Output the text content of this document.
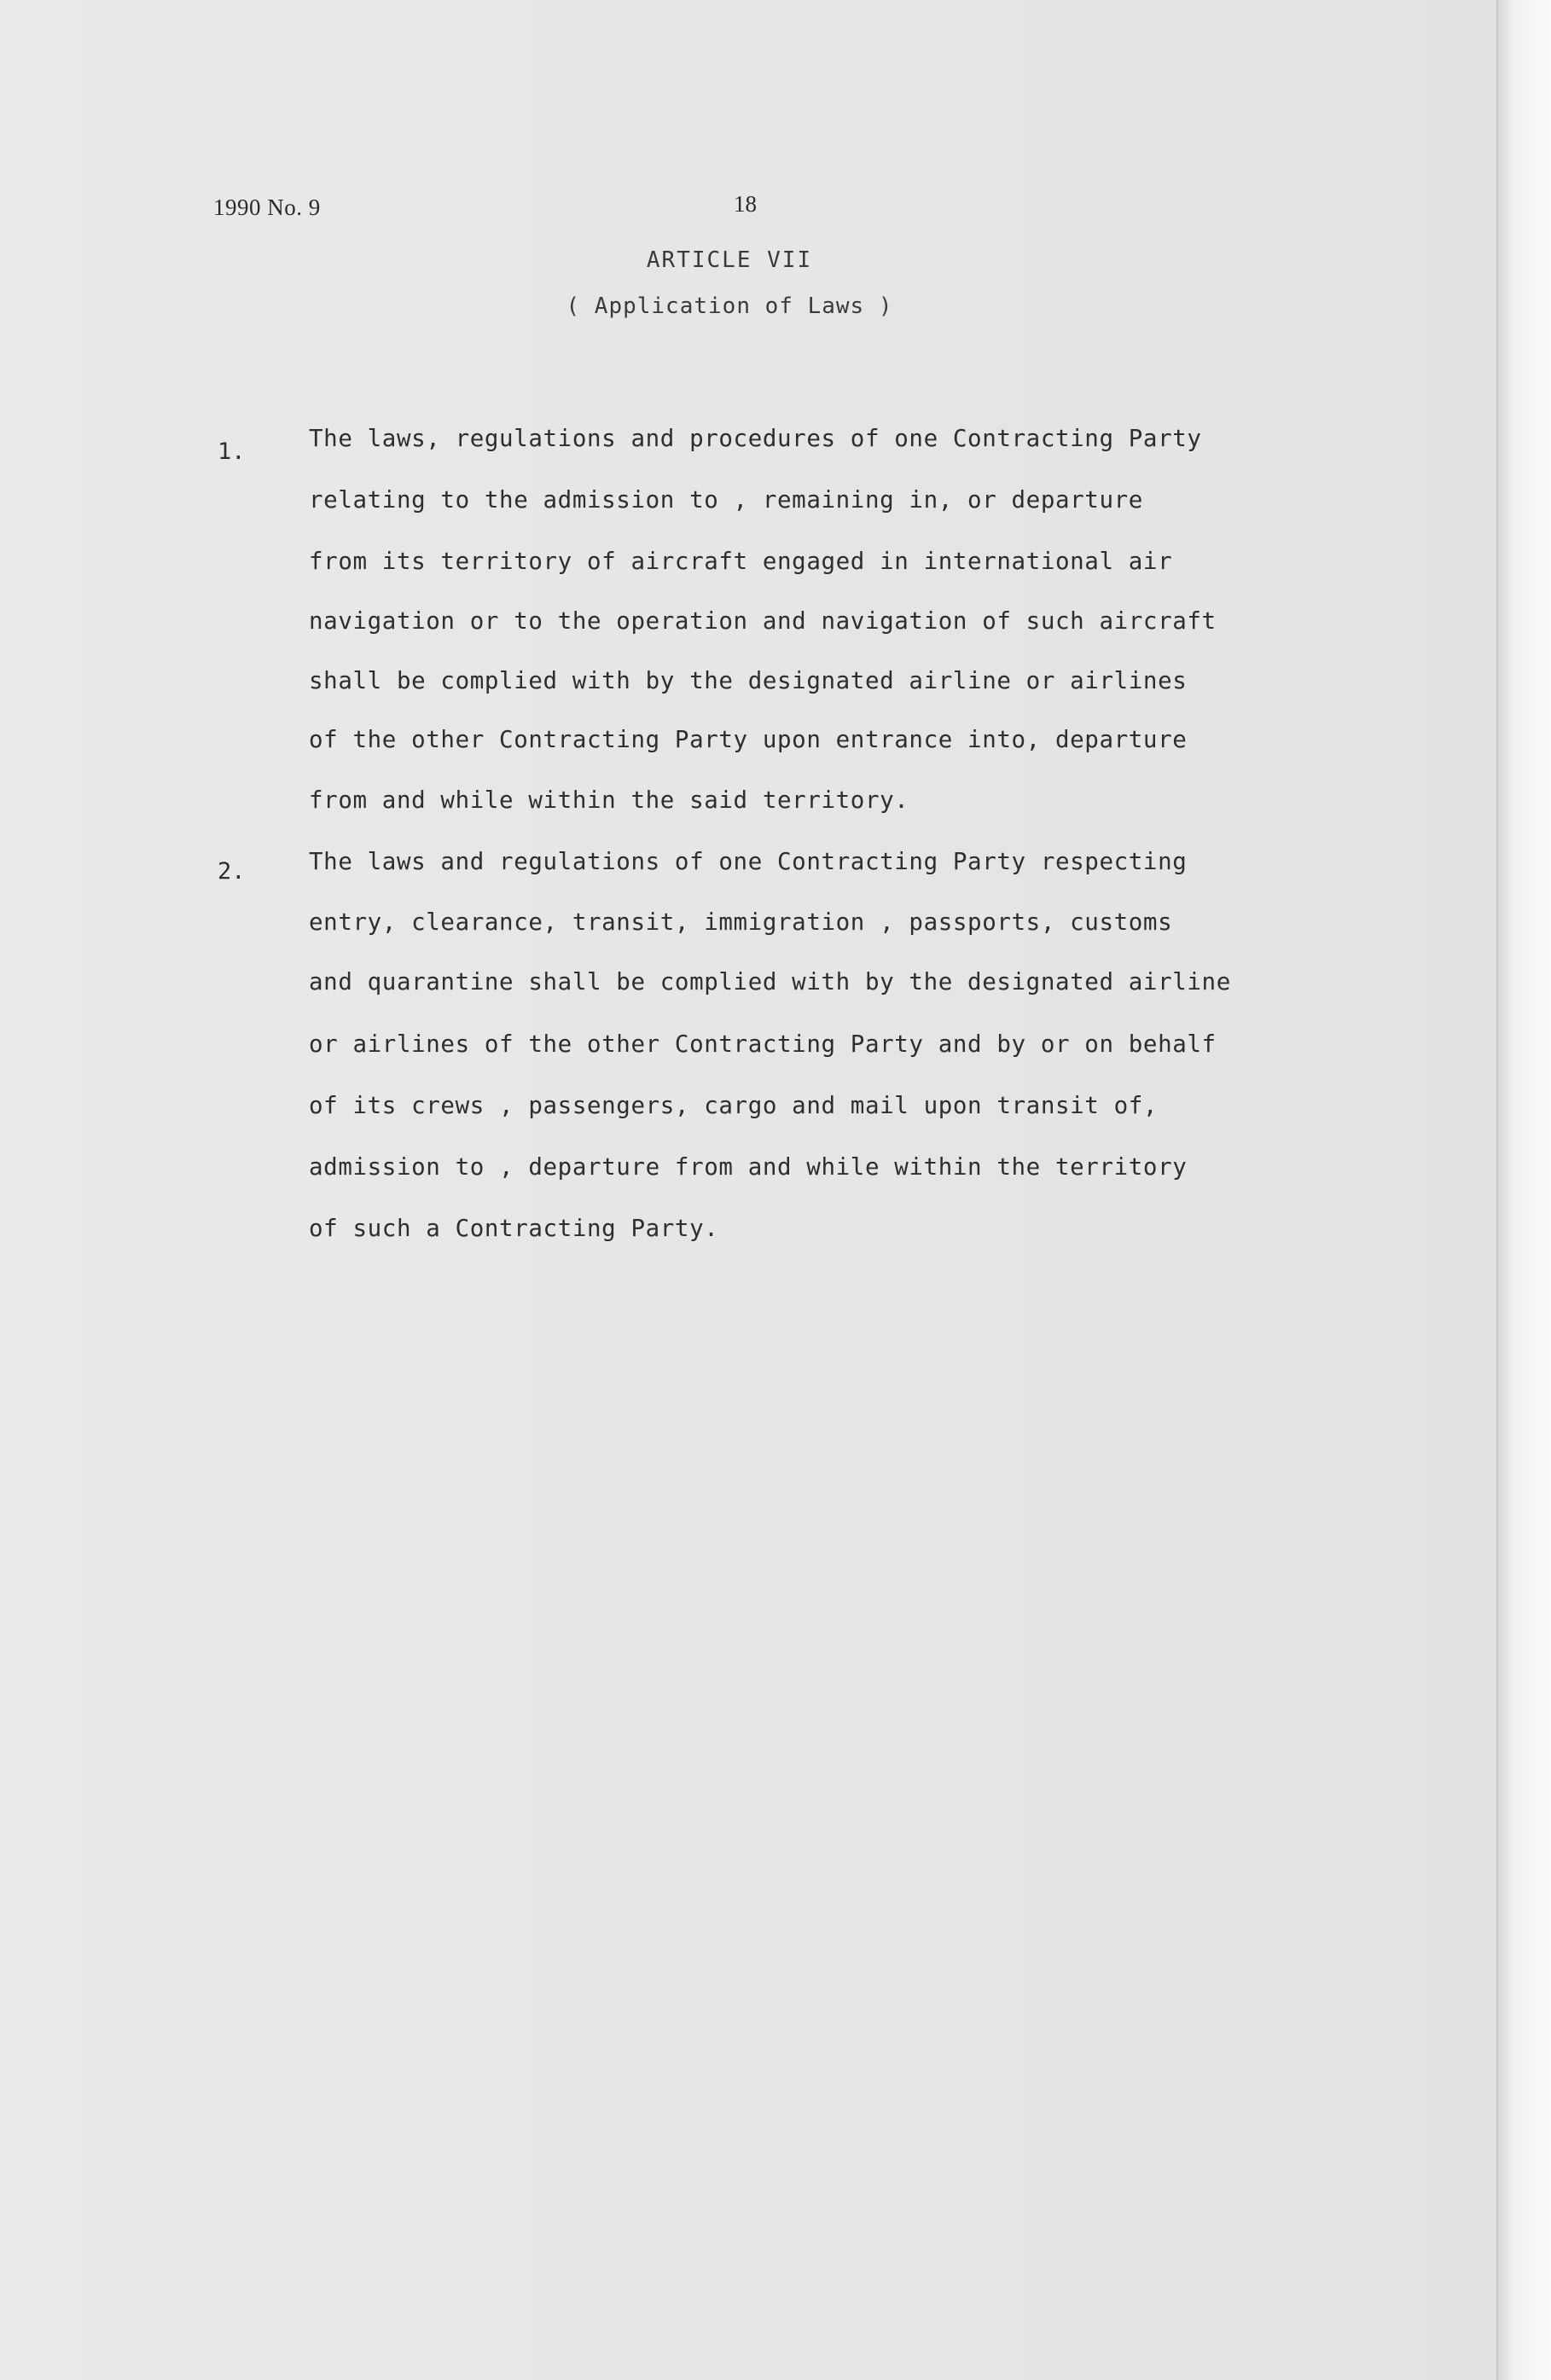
1990 No. 9	18
ARTICLE VII
( Application of Laws )
1.	The laws, regulations and procedures of one Contracting Party
relating to the admission to , remaining in, or departure
from its territory of aircraft engaged in international air
navigation or to the operation and navigation of such aircraft
shall be complied with by the designated airline or airlines
of the other Contracting Party upon entrance into, departure
from and while within the said territory.
2.	The laws and regulations of one Contracting Party respecting
entry, clearance, transit, immigration , passports, customs
and quarantine shall be complied with by the designated airline
or airlines of the other Contracting Party and by or on behalf
of its crews , passengers, cargo and mail upon transit of,
admission to , departure from and while within the territory
of such a Contracting Party.
